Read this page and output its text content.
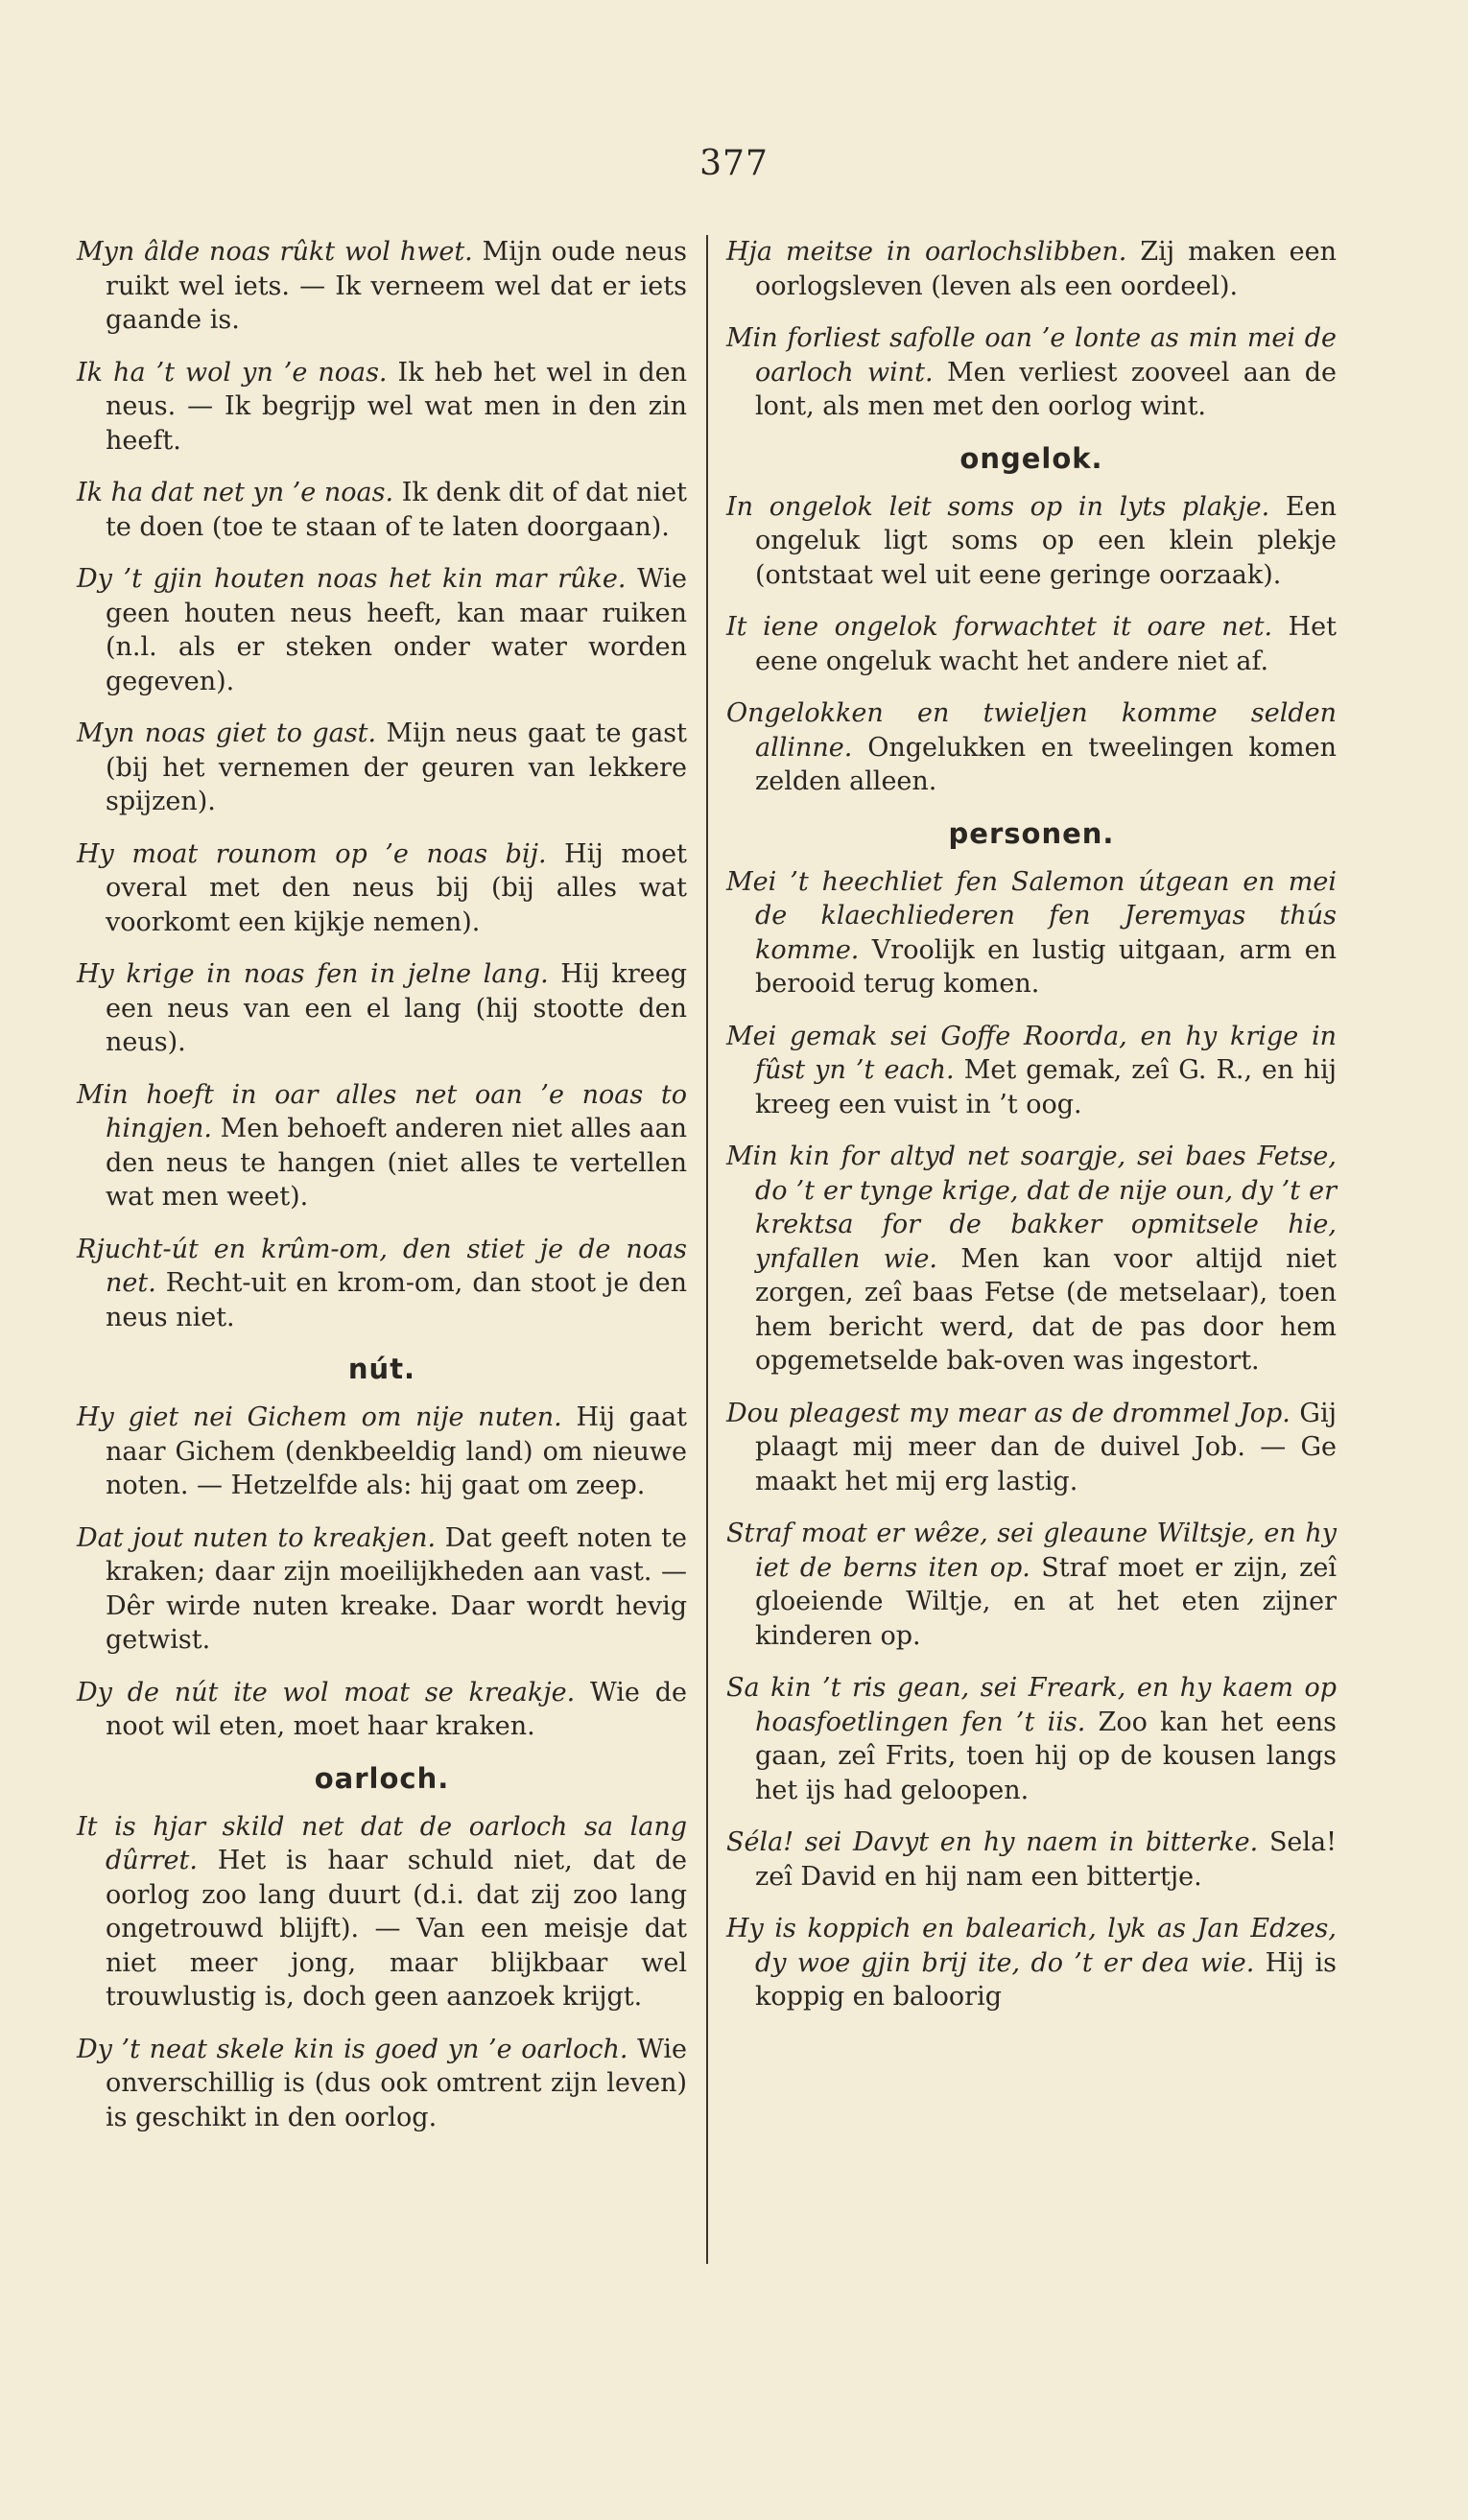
377

Myn âlde noas rûkt wol hwet. Mijn oude neus ruikt wel iets. — Ik verneem wel dat er iets gaande is.

Ik ha ’t wol yn ’e noas. Ik heb het wel in den neus. — Ik begrijp wel wat men in den zin heeft.

Ik ha dat net yn ’e noas. Ik denk dit of dat niet te doen (toe te staan of te laten doorgaan).

Dy ’t gjin houten noas het kin mar rûke. Wie geen houten neus heeft, kan maar ruiken (n.l. als er steken onder water worden gegeven).

Myn noas giet to gast. Mijn neus gaat te gast (bij het vernemen der geuren van lekkere spijzen).

Hy moat rounom op ’e noas bij. Hij moet overal met den neus bij (bij alles wat voorkomt een kijkje nemen).

Hy krige in noas fen in jelne lang. Hij kreeg een neus van een el lang (hij stootte den neus).

Min hoeft in oar alles net oan ’e noas to hingjen. Men behoeft anderen niet alles aan den neus te hangen (niet alles te vertellen wat men weet).

Rjucht-út en krûm-om, den stiet je de noas net. Recht-uit en krom-om, dan stoot je den neus niet.

nút.

Hy giet nei Gichem om nije nuten. Hij gaat naar Gichem (denkbeeldig land) om nieuwe noten. — Hetzelfde als: hij gaat om zeep.

Dat jout nuten to kreakjen. Dat geeft noten te kraken; daar zijn moeilijkheden aan vast. — Dêr wirde nuten kreake. Daar wordt hevig getwist.

Dy de nút ite wol moat se kreakje. Wie de noot wil eten, moet haar kraken.

oarloch.

It is hjar skild net dat de oarloch sa lang dûrret. Het is haar schuld niet, dat de oorlog zoo lang duurt (d.i. dat zij zoo lang ongetrouwd blijft). — Van een meisje dat niet meer jong, maar blijkbaar wel trouwlustig is, doch geen aanzoek krijgt.

Dy ’t neat skele kin is goed yn ’e oarloch. Wie onverschillig is (dus ook omtrent zijn leven) is geschikt in den oorlog.

Hja meitse in oarlochslibben. Zij maken een oorlogsleven (leven als een oordeel).

Min forliest safolle oan ’e lonte as min mei de oarloch wint. Men verliest zooveel aan de lont, als men met den oorlog wint.

ongelok.

In ongelok leit soms op in lyts plakje. Een ongeluk ligt soms op een klein plekje (ontstaat wel uit eene geringe oorzaak).

It iene ongelok forwachtet it oare net. Het eene ongeluk wacht het andere niet af.

Ongelokken en twieljen komme selden allinne. Ongelukken en tweelingen komen zelden alleen.

personen.

Mei ’t heechliet fen Salemon útgean en mei de klaechliederen fen Jeremyas thús komme. Vroolijk en lustig uitgaan, arm en berooid terug komen.

Mei gemak sei Goffe Roorda, en hy krige in fûst yn ’t each. Met gemak, zeî G. R., en hij kreeg een vuist in ’t oog.

Min kin for altyd net soargje, sei baes Fetse, do ’t er tynge krige, dat de nije oun, dy ’t er krektsa for de bakker opmitsele hie, ynfallen wie. Men kan voor altijd niet zorgen, zeî baas Fetse (de metselaar), toen hem bericht werd, dat de pas door hem opgemetselde bak-oven was ingestort.

Dou pleagest my mear as de drommel Jop. Gij plaagt mij meer dan de duivel Job. — Ge maakt het mij erg lastig.

Straf moat er wêze, sei gleaune Wiltsje, en hy iet de berns iten op. Straf moet er zijn, zeî gloeiende Wiltje, en at het eten zijner kinderen op.

Sa kin ’t ris gean, sei Freark, en hy kaem op hoasfoetlingen fen ’t iis. Zoo kan het eens gaan, zeî Frits, toen hij op de kousen langs het ijs had geloopen.

Séla! sei Davyt en hy naem in bitterke. Sela! zeî David en hij nam een bittertje.

Hy is koppich en balearich, lyk as Jan Edzes, dy woe gjin brij ite, do ’t er dea wie. Hij is koppig en baloorig
